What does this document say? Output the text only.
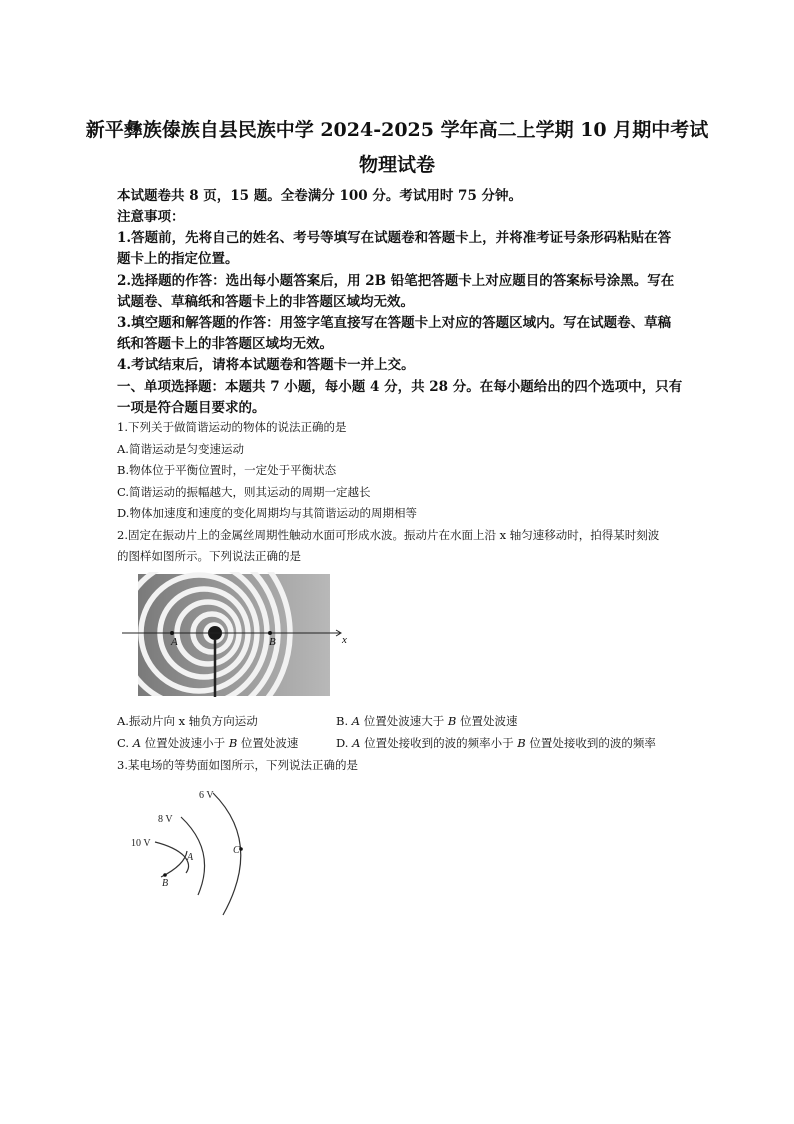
新平彝族傣族自县民族中学 2024-2025 学年高二上学期 10 月期中考试
物理试卷
本试题卷共 8 页，15 题。全卷满分 100 分。考试用时 75 分钟。
注意事项：
1.答题前，先将自己的姓名、考号等填写在试题卷和答题卡上，并将准考证号条形码粘贴在答
题卡上的指定位置。
2.选择题的作答：选出每小题答案后，用 2B 铅笔把答题卡上对应题目的答案标号涂黑。写在
试题卷、草稿纸和答题卡上的非答题区域均无效。
3.填空题和解答题的作答：用签字笔直接写在答题卡上对应的答题区域内。写在试题卷、草稿
纸和答题卡上的非答题区域均无效。
4.考试结束后，请将本试题卷和答题卡一并上交。
一、单项选择题：本题共 7 小题，每小题 4 分，共 28 分。在每小题给出的四个选项中，只有
一项是符合题目要求的。
1.下列关于做简谐运动的物体的说法正确的是
A.简谐运动是匀变速运动
B.物体位于平衡位置时，一定处于平衡状态
C.简谐运动的振幅越大，则其运动的周期一定越长
D.物体加速度和速度的变化周期均与其简谐运动的周期相等
2.固定在振动片上的金属丝周期性触动水面可形成水波。振动片在水面上沿 x 轴匀速移动时，拍得某时刻波
的图样如图所示。下列说法正确的是
A	B	x
A.振动片向 x 轴负方向运动	B. A 位置处波速大于 B 位置处波速
C. A 位置处波速小于 B 位置处波速	D. A 位置处接收到的波的频率小于 B 位置处接收到的波的频率
3.某电场的等势面如图所示，下列说法正确的是
6 V
8 V
10 V
A
B
C
